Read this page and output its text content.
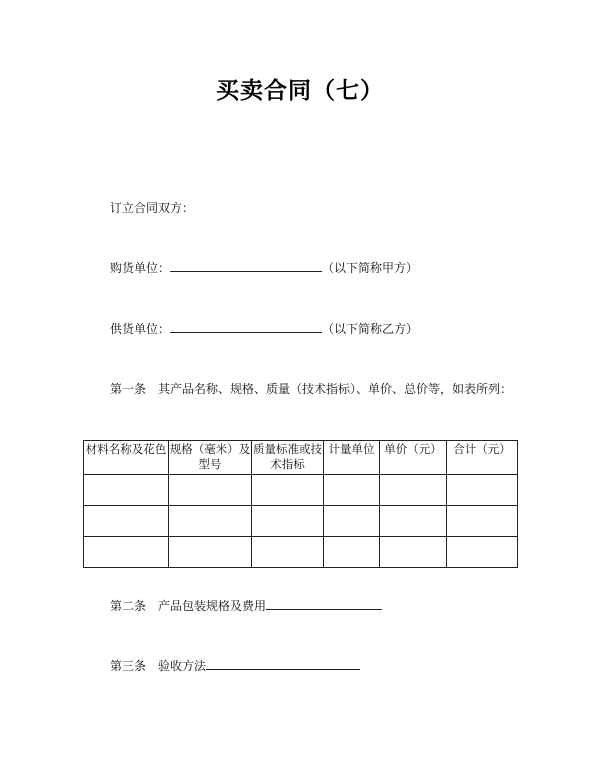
买卖合同（七）
订立合同双方：
购货单位：	（以下简称甲方）
供货单位：	（以下简称乙方）
第一条 其产品名称、规格、质量（技术指标）、单价、总价等，如表所列：
材料名称及花色	规格（毫米）及型号	质量标准或技术指标	计量单位	单价（元）	合计（元）

第二条 产品包装规格及费用
第三条 验收方法
